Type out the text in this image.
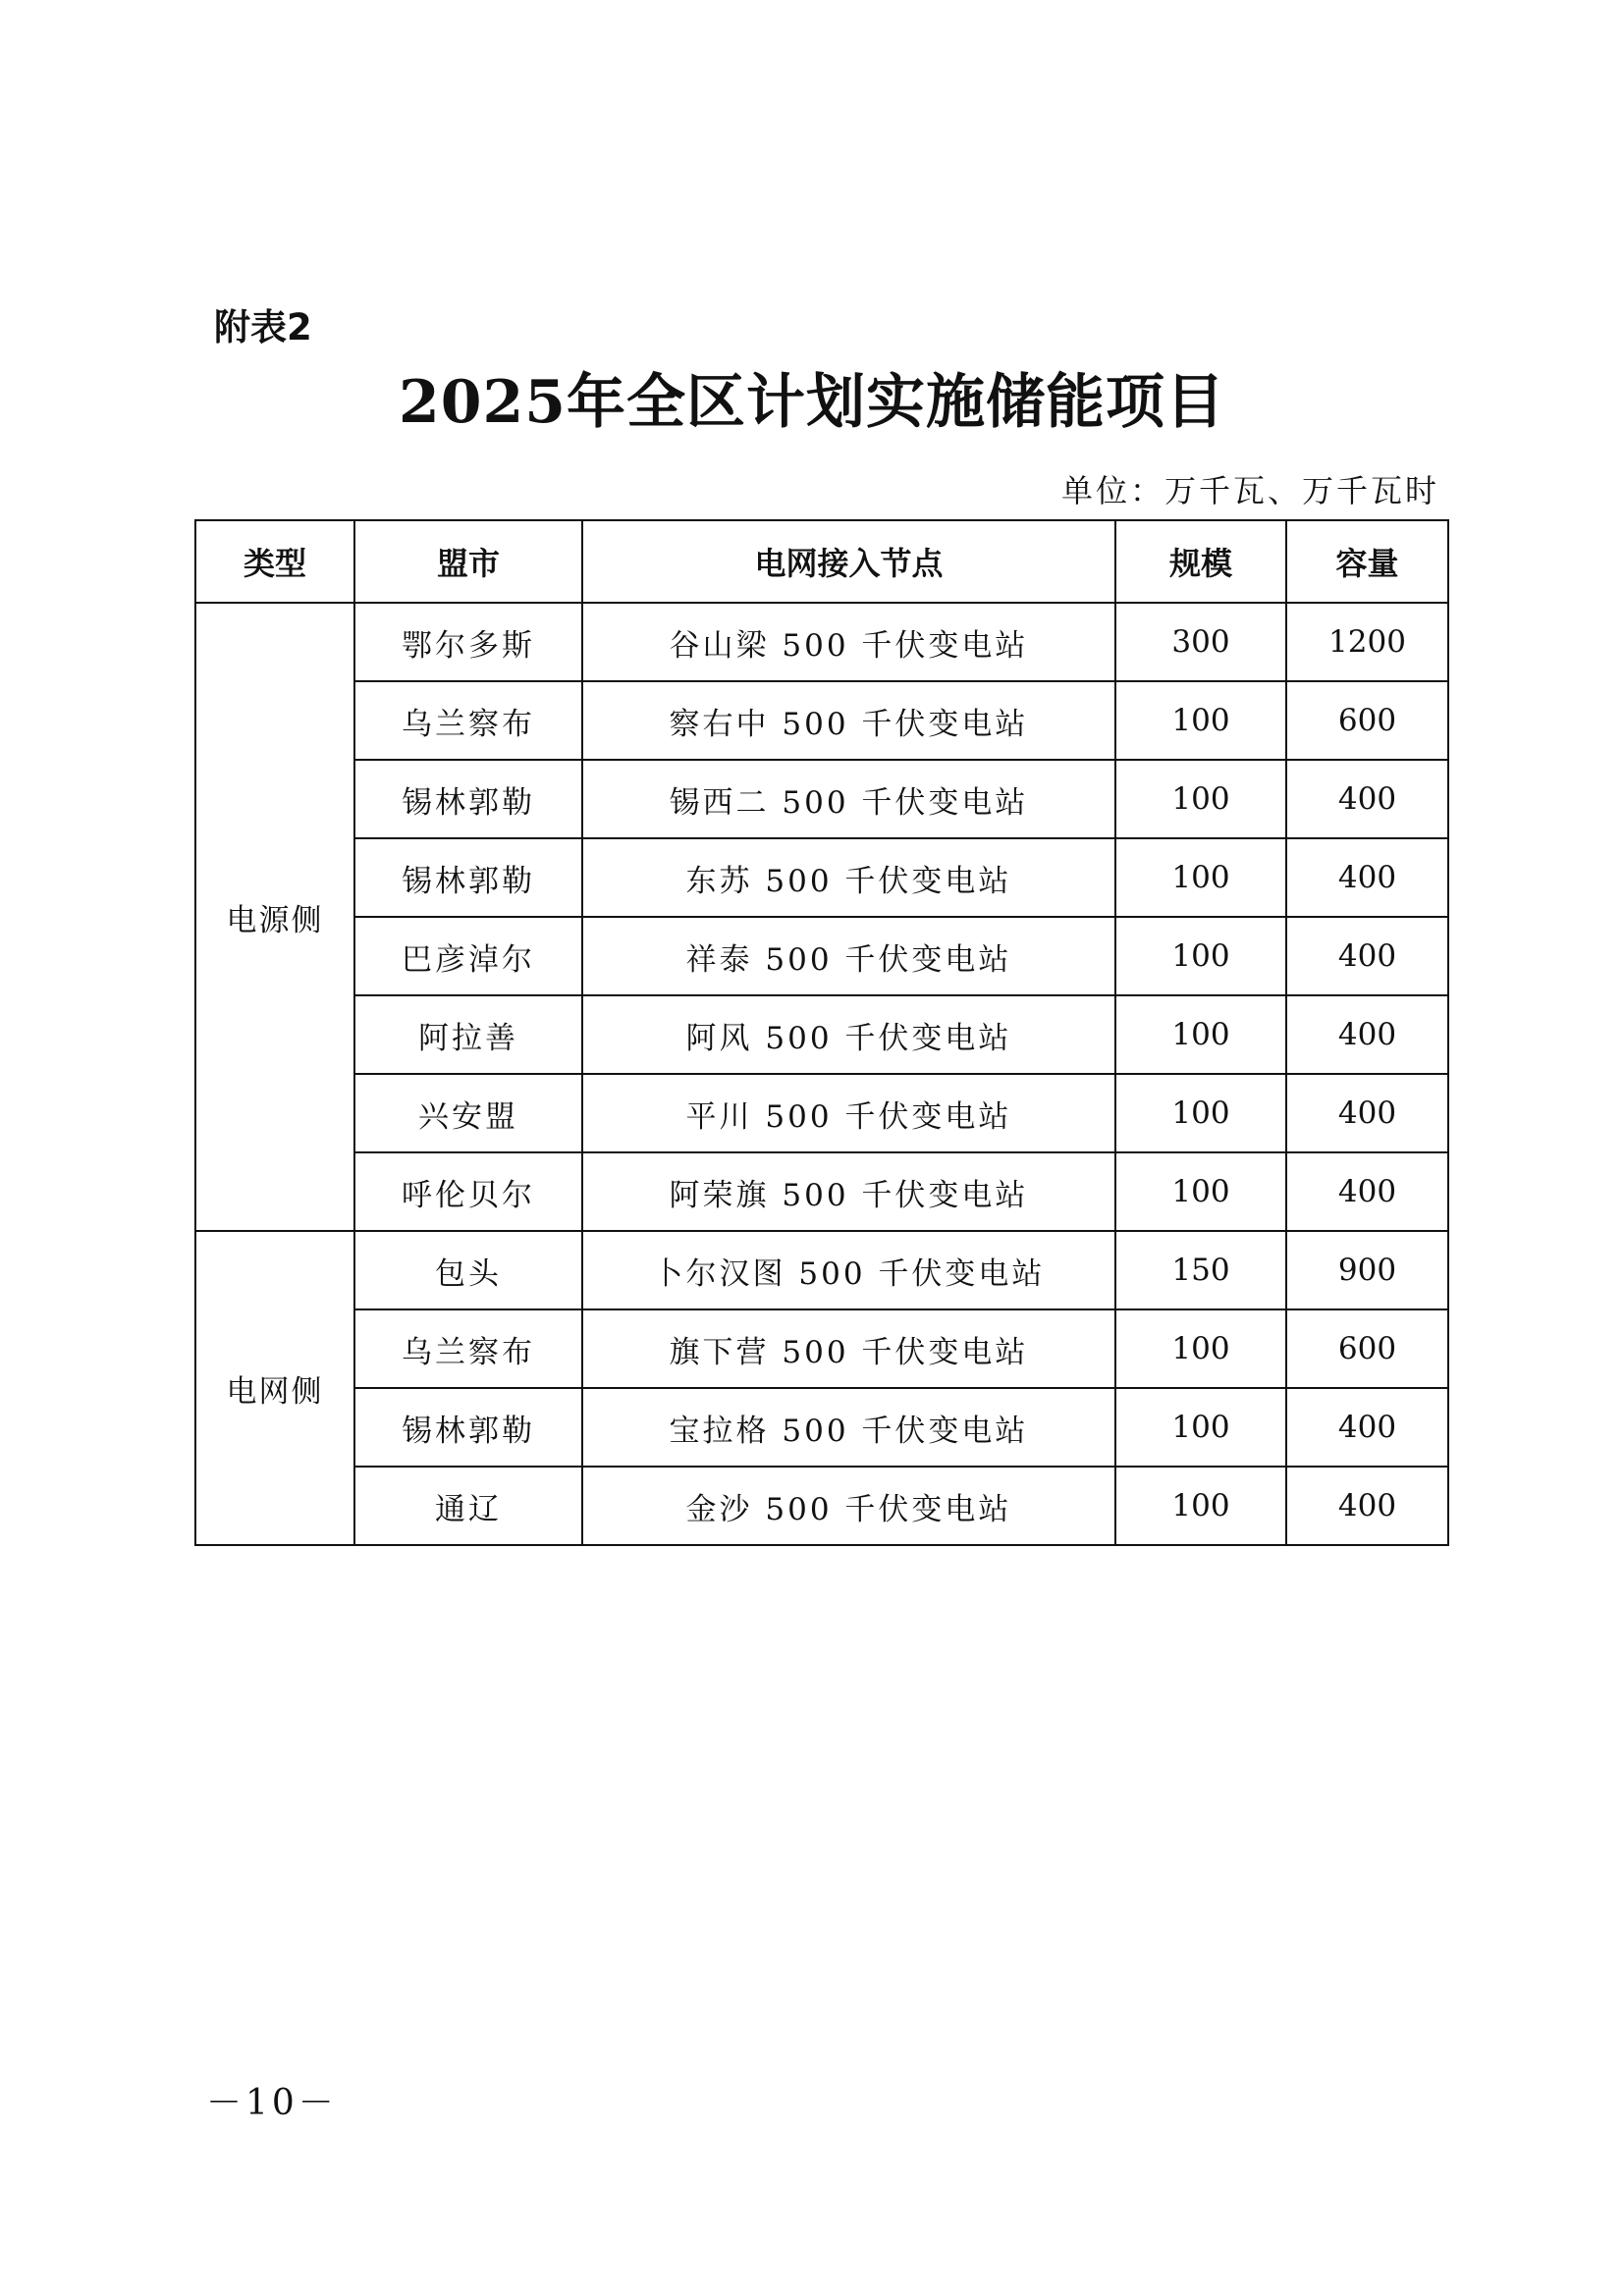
附表2
2025年全区计划实施储能项目
单位：万千瓦、万千瓦时
类型	盟市	电网接入节点	规模	容量
电源侧	鄂尔多斯	谷山梁 500 千伏变电站	300	1200
	乌兰察布	察右中 500 千伏变电站	100	600
	锡林郭勒	锡西二 500 千伏变电站	100	400
	锡林郭勒	东苏 500 千伏变电站	100	400
	巴彦淖尔	祥泰 500 千伏变电站	100	400
	阿拉善	阿风 500 千伏变电站	100	400
	兴安盟	平川 500 千伏变电站	100	400
	呼伦贝尔	阿荣旗 500 千伏变电站	100	400
电网侧	包头	卜尔汉图 500 千伏变电站	150	900
	乌兰察布	旗下营 500 千伏变电站	100	600
	锡林郭勒	宝拉格 500 千伏变电站	100	400
	通辽	金沙 500 千伏变电站	100	400
－10－
